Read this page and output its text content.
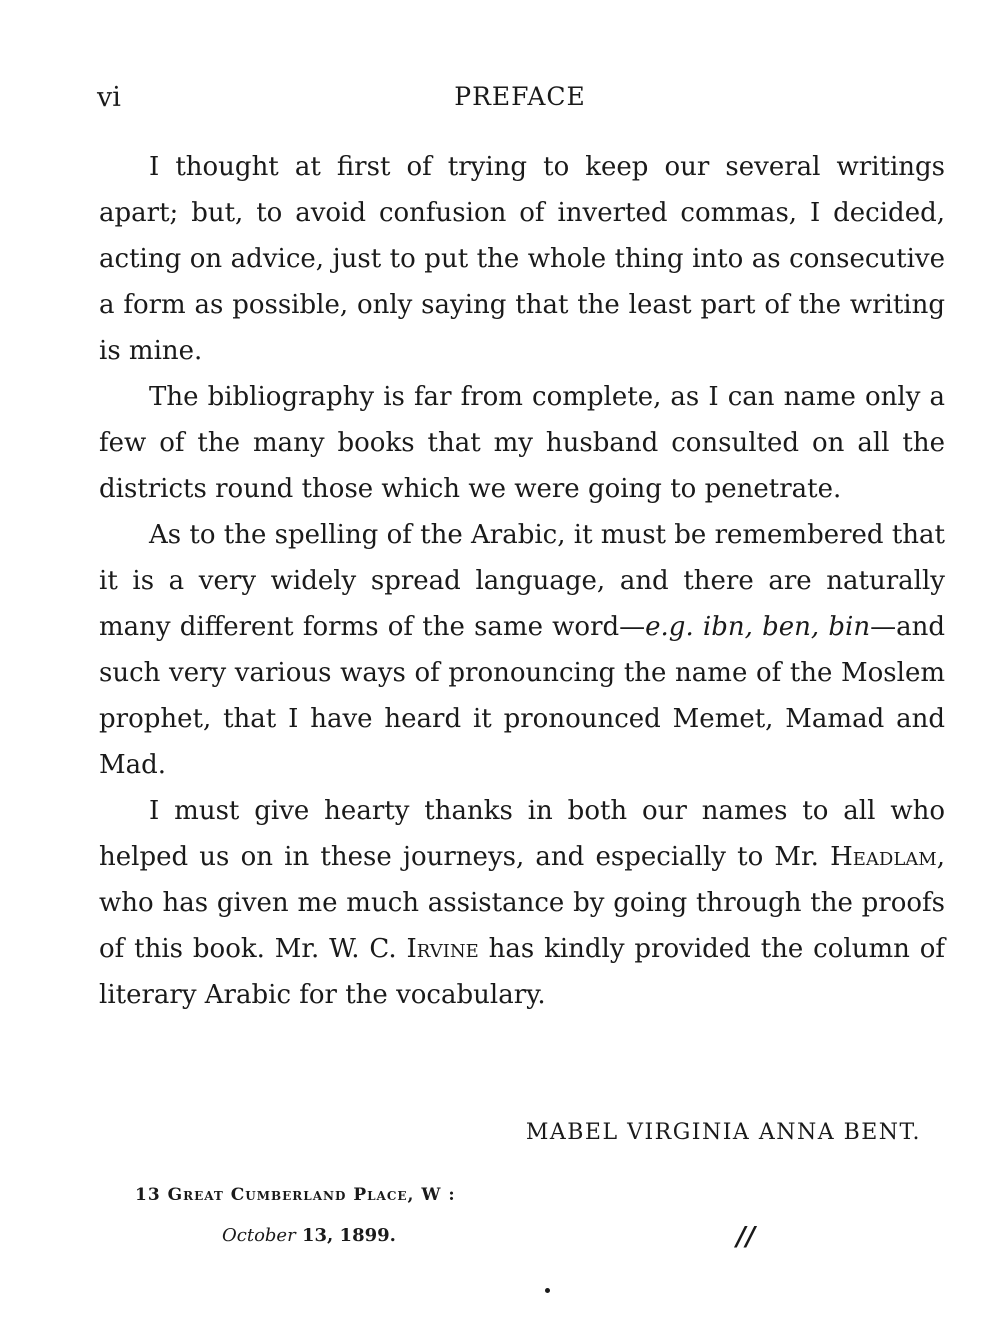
vi	PREFACE

I thought at first of trying to keep our several writings apart; but, to avoid confusion of inverted commas, I decided, acting on advice, just to put the whole thing into as consecutive a form as possible, only saying that the least part of the writing is mine.

The bibliography is far from complete, as I can name only a few of the many books that my husband consulted on all the districts round those which we were going to penetrate.

As to the spelling of the Arabic, it must be remembered that it is a very widely spread language, and there are naturally many different forms of the same word—e.g. ibn, ben, bin—and such very various ways of pronouncing the name of the Moslem prophet, that I have heard it pronounced Memet, Mamad and Mad.

I must give hearty thanks in both our names to all who helped us on in these journeys, and especially to Mr. Headlam, who has given me much assistance by going through the proofs of this book. Mr. W. C. Irvine has kindly provided the column of literary Arabic for the vocabulary.

MABEL VIRGINIA ANNA BENT.
13 Great Cumberland Place, W :
October 13, 1899.	//
